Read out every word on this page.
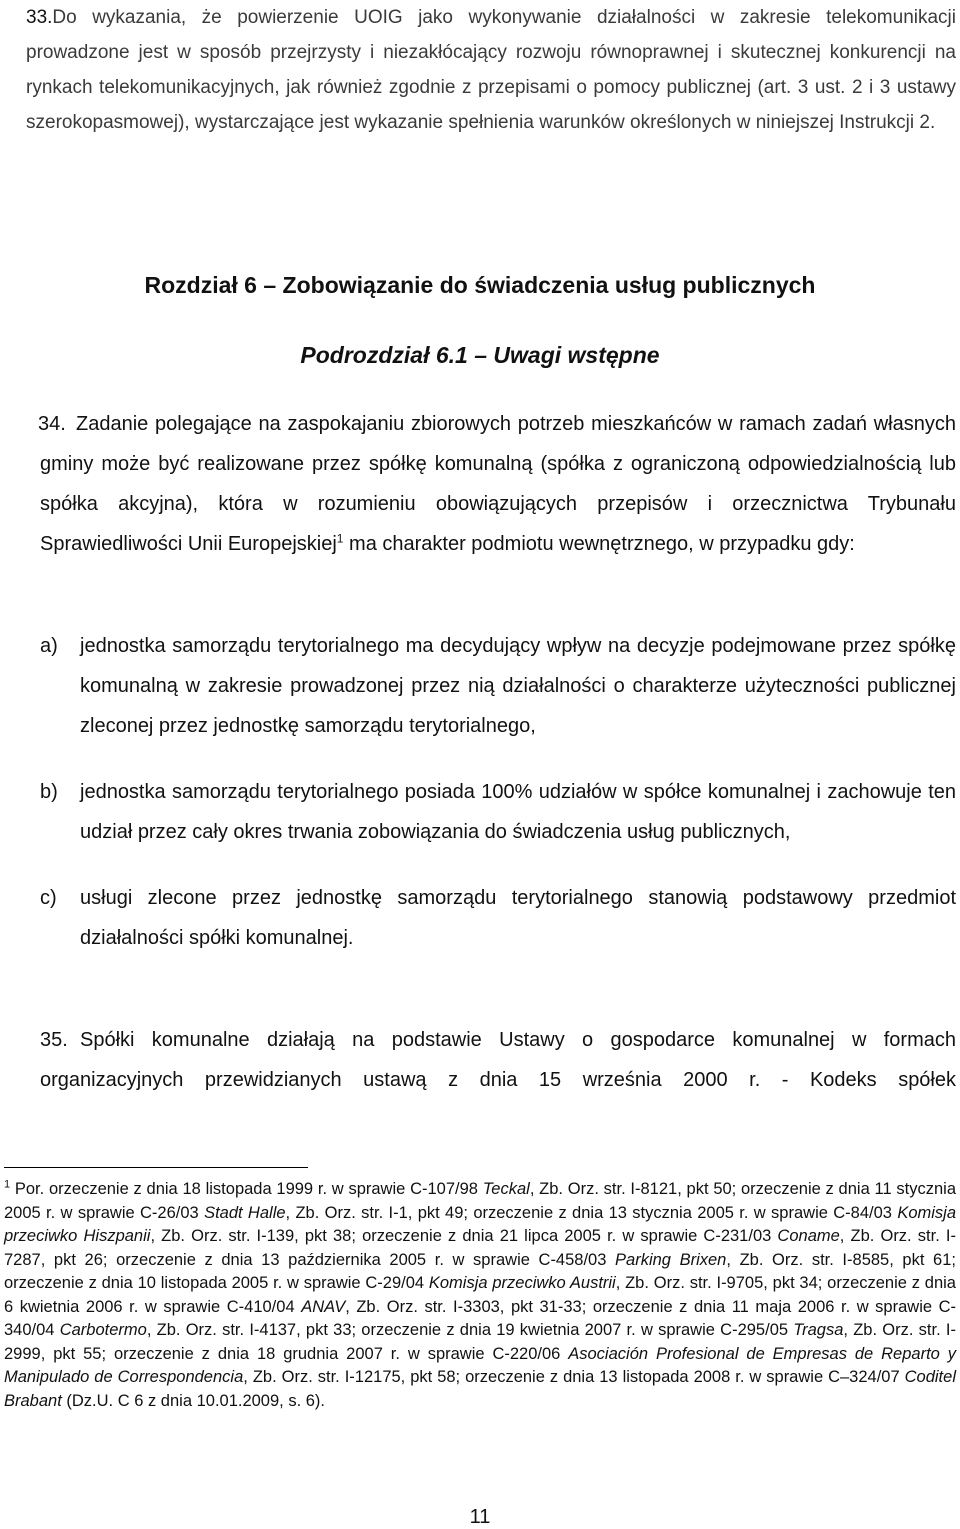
33.Do wykazania, że powierzenie UOIG jako wykonywanie działalności w zakresie telekomunikacji prowadzone jest w sposób przejrzysty i niezakłócający rozwoju równoprawnej i skutecznej konkurencji na rynkach telekomunikacyjnych, jak również zgodnie z przepisami o pomocy publicznej (art. 3 ust. 2 i 3 ustawy szerokopasmowej), wystarczające jest wykazanie spełnienia warunków określonych w niniejszej Instrukcji 2.

Rozdział 6 – Zobowiązanie do świadczenia usług publicznych
Podrozdział 6.1 – Uwagi wstępne

34. Zadanie polegające na zaspokajaniu zbiorowych potrzeb mieszkańców w ramach zadań własnych gminy może być realizowane przez spółkę komunalną (spółka z ograniczoną odpowiedzialnością lub spółka akcyjna), która w rozumieniu obowiązujących przepisów i orzecznictwa Trybunału Sprawiedliwości Unii Europejskiej$^1$ ma charakter podmiotu wewnętrznego, w przypadku gdy:

a) jednostka samorządu terytorialnego ma decydujący wpływ na decyzje podejmowane przez spółkę komunalną w zakresie prowadzonej przez nią działalności o charakterze użyteczności publicznej zleconej przez jednostkę samorządu terytorialnego,
b) jednostka samorządu terytorialnego posiada 100% udziałów w spółce komunalnej i zachowuje ten udział przez cały okres trwania zobowiązania do świadczenia usług publicznych,
c) usługi zlecone przez jednostkę samorządu terytorialnego stanowią podstawowy przedmiot działalności spółki komunalnej.

35. Spółki komunalne działają na podstawie Ustawy o gospodarce komunalnej w formach organizacyjnych przewidzianych ustawą z dnia 15 września 2000 r. - Kodeks spółek

$^1$ Por. orzeczenie z dnia 18 listopada 1999 r. w sprawie C-107/98 Teckal, Zb. Orz. str. I-8121, pkt 50; orzeczenie z dnia 11 stycznia 2005 r. w sprawie C-26/03 Stadt Halle, Zb. Orz. str. I-1, pkt 49; orzeczenie z dnia 13 stycznia 2005 r. w sprawie C-84/03 Komisja przeciwko Hiszpanii, Zb. Orz. str. I-139, pkt 38; orzeczenie z dnia 21 lipca 2005 r. w sprawie C-231/03 Coname, Zb. Orz. str. I-7287, pkt 26; orzeczenie z dnia 13 października 2005 r. w sprawie C-458/03 Parking Brixen, Zb. Orz. str. I-8585, pkt 61; orzeczenie z dnia 10 listopada 2005 r. w sprawie C-29/04 Komisja przeciwko Austrii, Zb. Orz. str. I-9705, pkt 34; orzeczenie z dnia 6 kwietnia 2006 r. w sprawie C-410/04 ANAV, Zb. Orz. str. I-3303, pkt 31-33; orzeczenie z dnia 11 maja 2006 r. w sprawie C-340/04 Carbotermo, Zb. Orz. str. I-4137, pkt 33; orzeczenie z dnia 19 kwietnia 2007 r. w sprawie C-295/05 Tragsa, Zb. Orz. str. I-2999, pkt 55; orzeczenie z dnia 18 grudnia 2007 r. w sprawie C-220/06 Asociación Profesional de Empresas de Reparto y Manipulado de Correspondencia, Zb. Orz. str. I-12175, pkt 58; orzeczenie z dnia 13 listopada 2008 r. w sprawie C–324/07 Coditel Brabant (Dz.U. C 6 z dnia 10.01.2009, s. 6).

11
